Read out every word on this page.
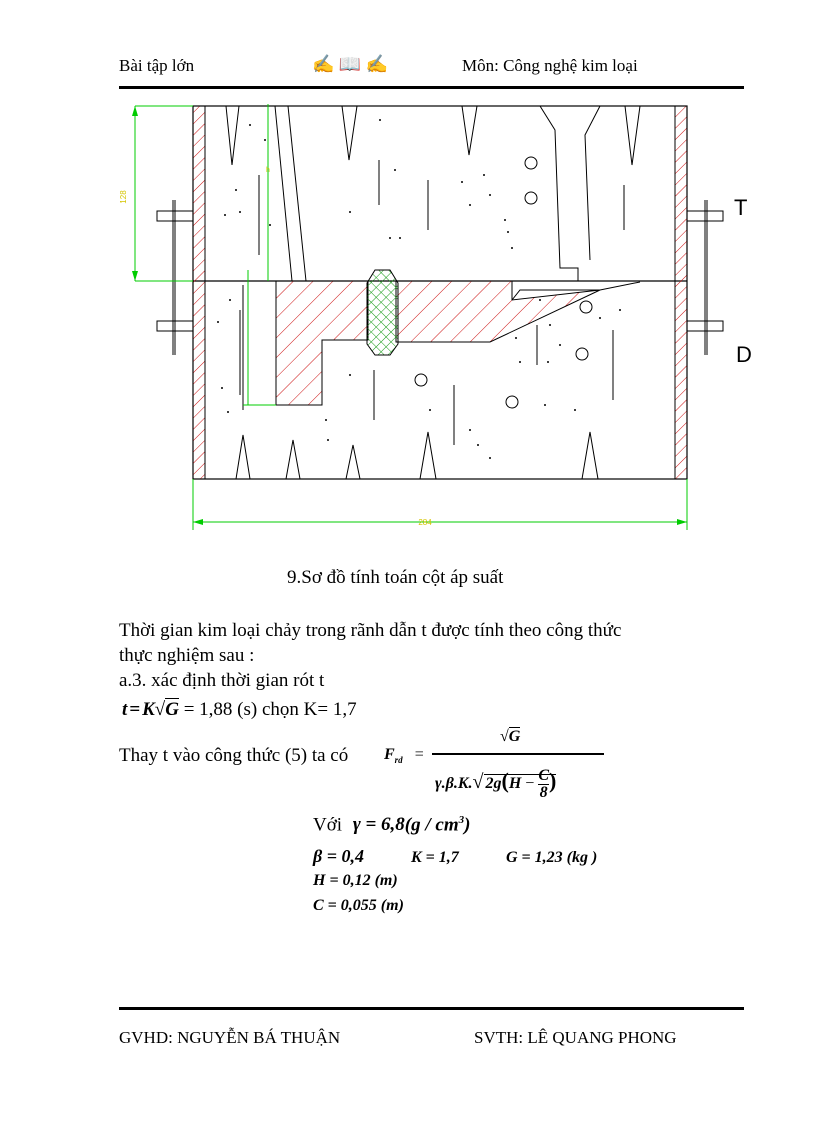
Bài tập lớn	✍ 📖 ✍	Môn: Công nghệ kim loại
284
128
h
T
D
9.Sơ đồ tính toán cột áp suất
Thời gian kim loại chảy trong rãnh dẫn t được tính theo công thức
thực nghiệm sau :
a.3. xác định thời gian rót t
t = K√G = 1,88 (s) chọn K= 1,7
Thay t vào công thức (5) ta có $F_{rd}$ =
√G
γ.β.K.√ $2g(H - \frac{C}{8}$ )
Với $\gamma = 6,8(g / cm^3)$
β = 0,4	K = 1,7	G = 1,23 (kg )
H = 0,12 (m)
C = 0,055 (m)
GVHD: NGUYỄN BÁ THUẬN	SVTH: LÊ QUANG PHONG
